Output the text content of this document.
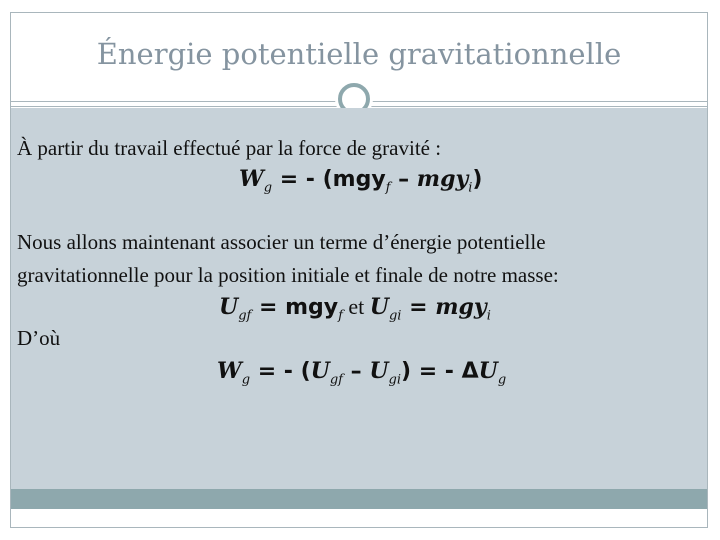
Énergie potentielle gravitationnelle
À partir du travail effectué par la force de gravité :
$W_g$ = - (mgy$_f$ – mgy$_i$)
Nous allons maintenant associer un terme d’énergie potentielle
gravitationnelle pour la position initiale et finale de notre masse:
$U_{gf} = mgy_f$ et $U_{gi} = mgy_i$
D’où
$W_g$ = - $(U_{gf} - U_{gi})$ = - $\Delta U_g$
